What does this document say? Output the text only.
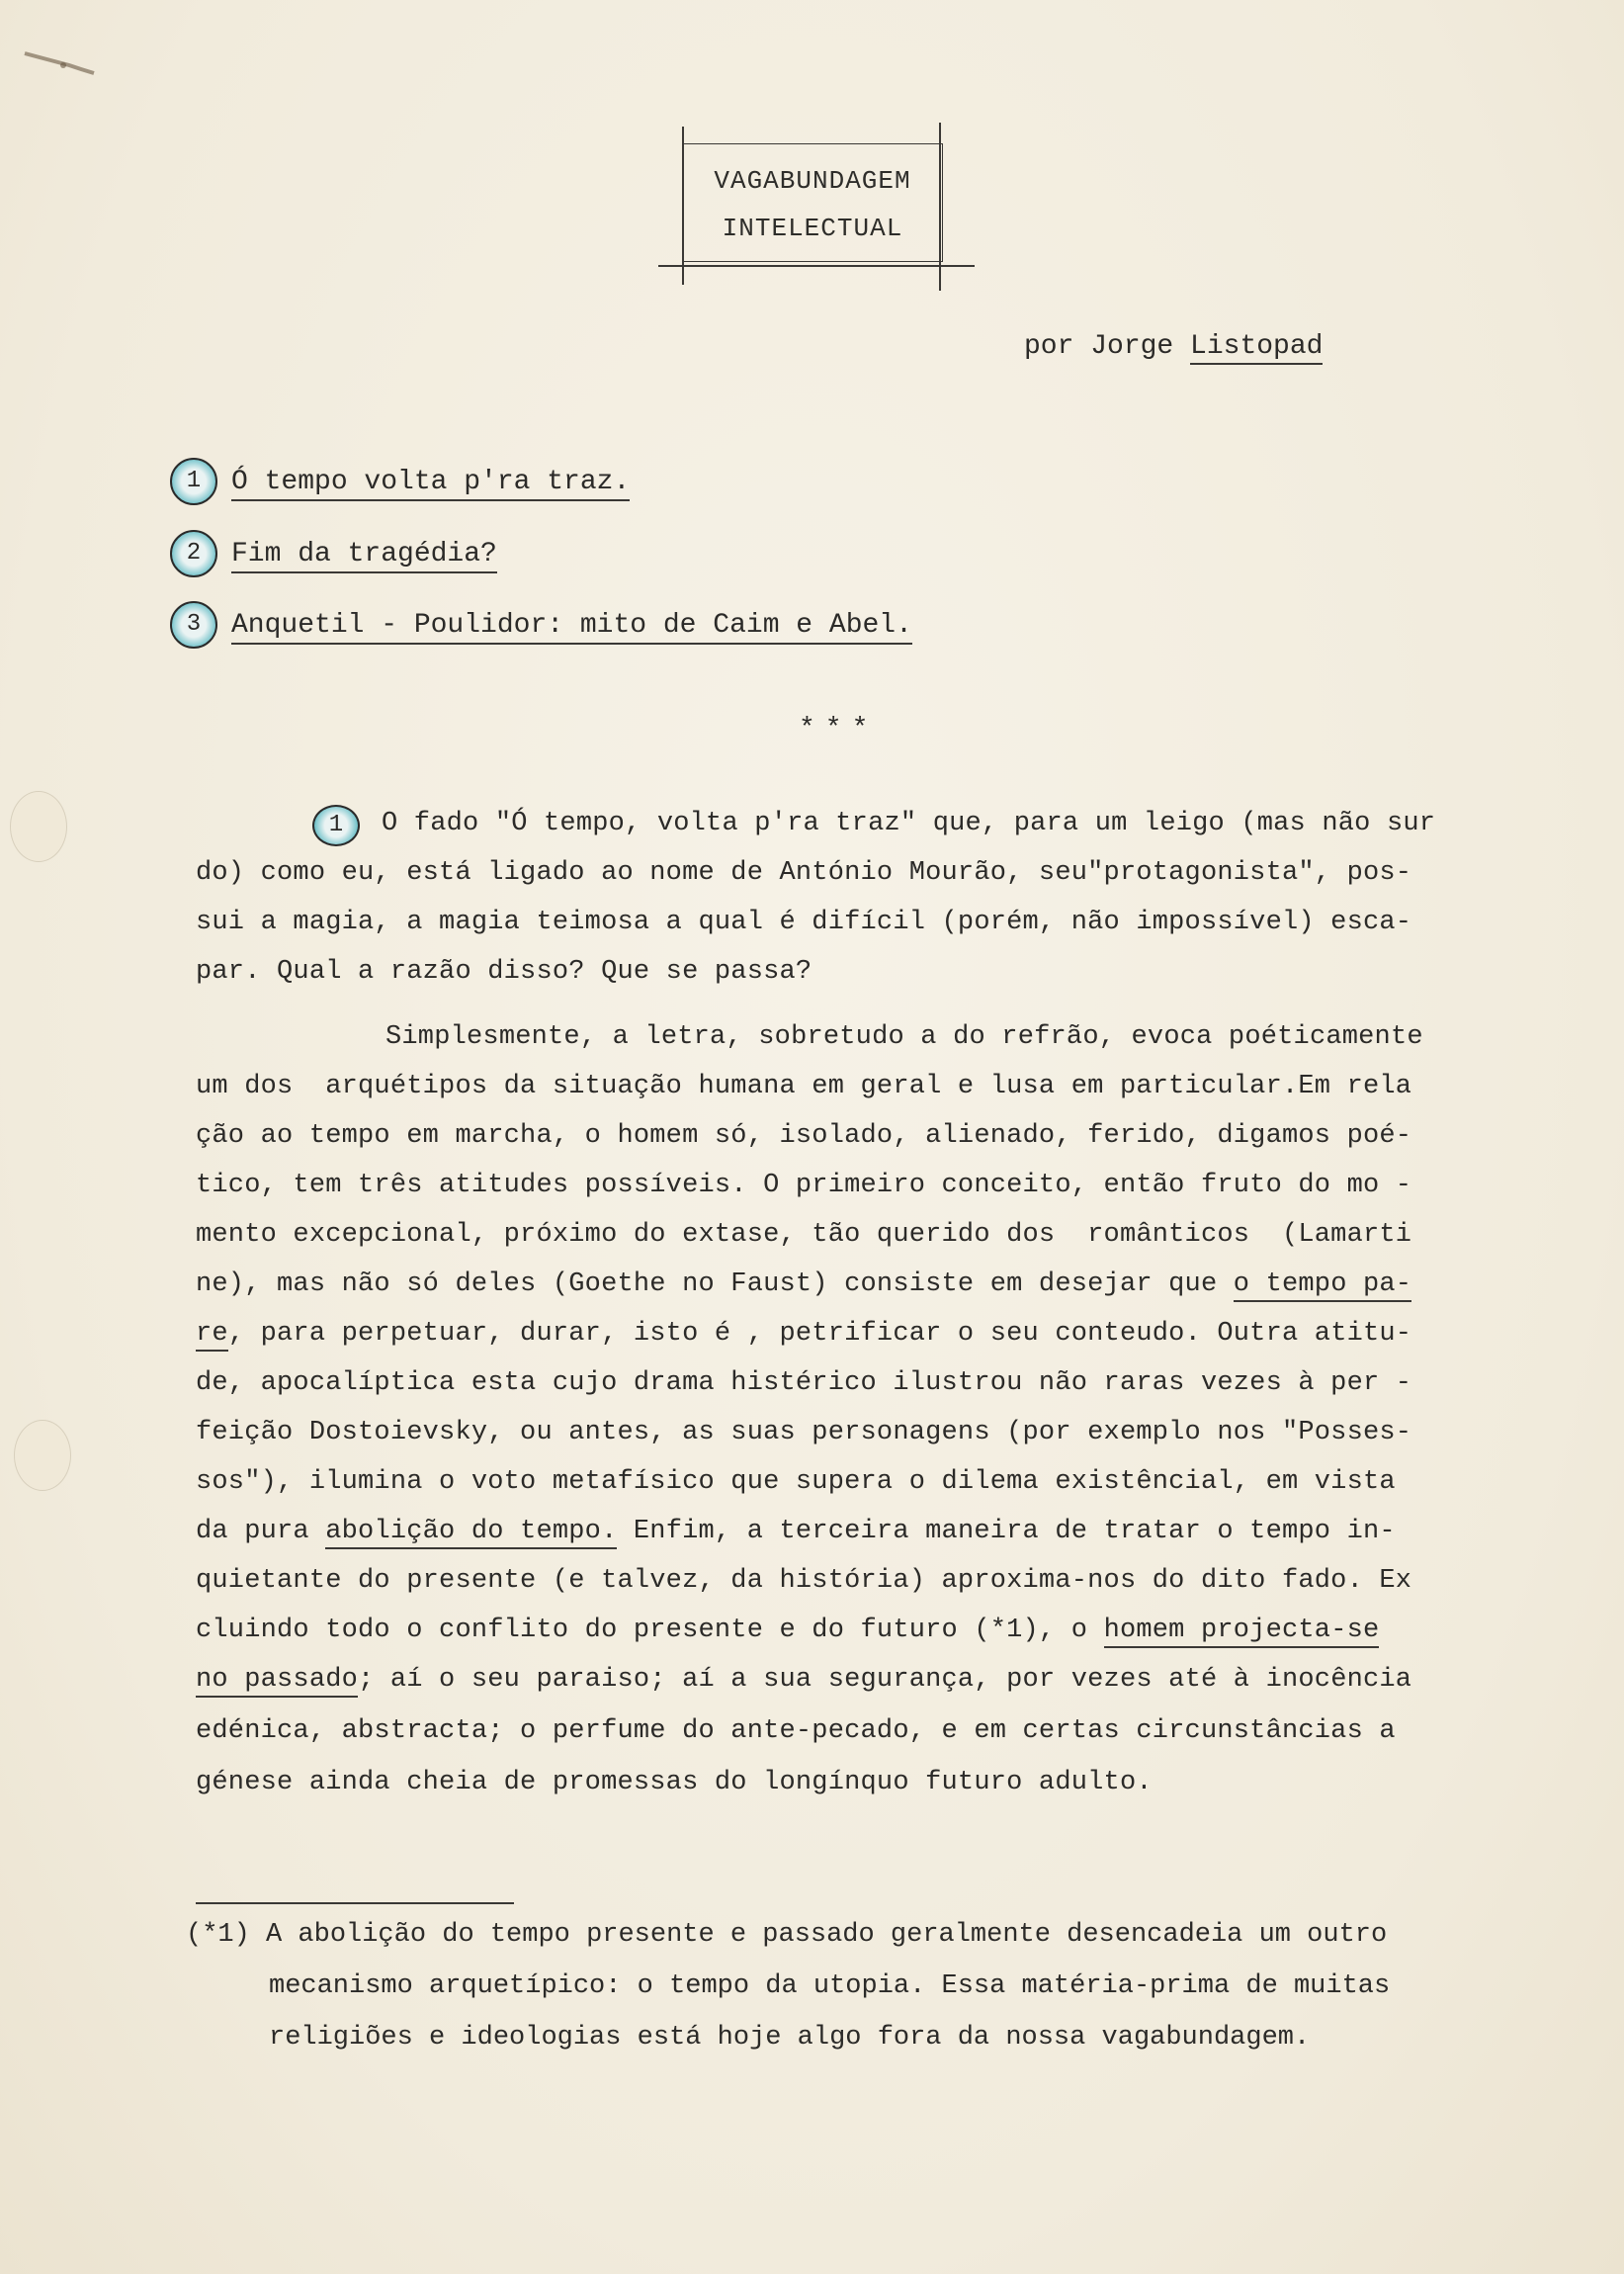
VAGABUNDAGEM
INTELECTUAL
por Jorge Listopad
1 Ó tempo volta p'ra traz.
2 Fim da tragédia?
3 Anquetil - Poulidor: mito de Caim e Abel.
***
1	O fado "Ó tempo, volta p'ra traz" que, para um leigo (mas não sur
do) como eu, está ligado ao nome de António Mourão, seu"protagonista", pos-
sui a magia, a magia teimosa a qual é difícil (porém, não impossível) esca-
par. Qual a razão disso? Que se passa?
Simplesmente, a letra, sobretudo a do refrão, evoca poéticamente
um dos  arquétipos da situação humana em geral e lusa em particular.Em rela
ção ao tempo em marcha, o homem só, isolado, alienado, ferido, digamos poé-
tico, tem três atitudes possíveis. O primeiro conceito, então fruto do mo -
mento excepcional, próximo do extase, tão querido dos  românticos  (Lamarti
ne), mas não só deles (Goethe no Faust) consiste em desejar que o tempo pa-
re, para perpetuar, durar, isto é , petrificar o seu conteudo. Outra atitu-
de, apocalíptica esta cujo drama histérico ilustrou não raras vezes à per -
feição Dostoievsky, ou antes, as suas personagens (por exemplo nos "Posses-
sos"), ilumina o voto metafísico que supera o dilema existêncial, em vista
da pura abolição do tempo. Enfim, a terceira maneira de tratar o tempo in-
quietante do presente (e talvez, da história) aproxima-nos do dito fado. Ex
cluindo todo o conflito do presente e do futuro (*1), o homem projecta-se
no passado; aí o seu paraiso; aí a sua segurança, por vezes até à inocência
edénica, abstracta; o perfume do ante-pecado, e em certas circunstâncias a
génese ainda cheia de promessas do longínquo futuro adulto.
(*1) A abolição do tempo presente e passado geralmente desencadeia um outro
mecanismo arquetípico: o tempo da utopia. Essa matéria-prima de muitas
religiões e ideologias está hoje algo fora da nossa vagabundagem.
